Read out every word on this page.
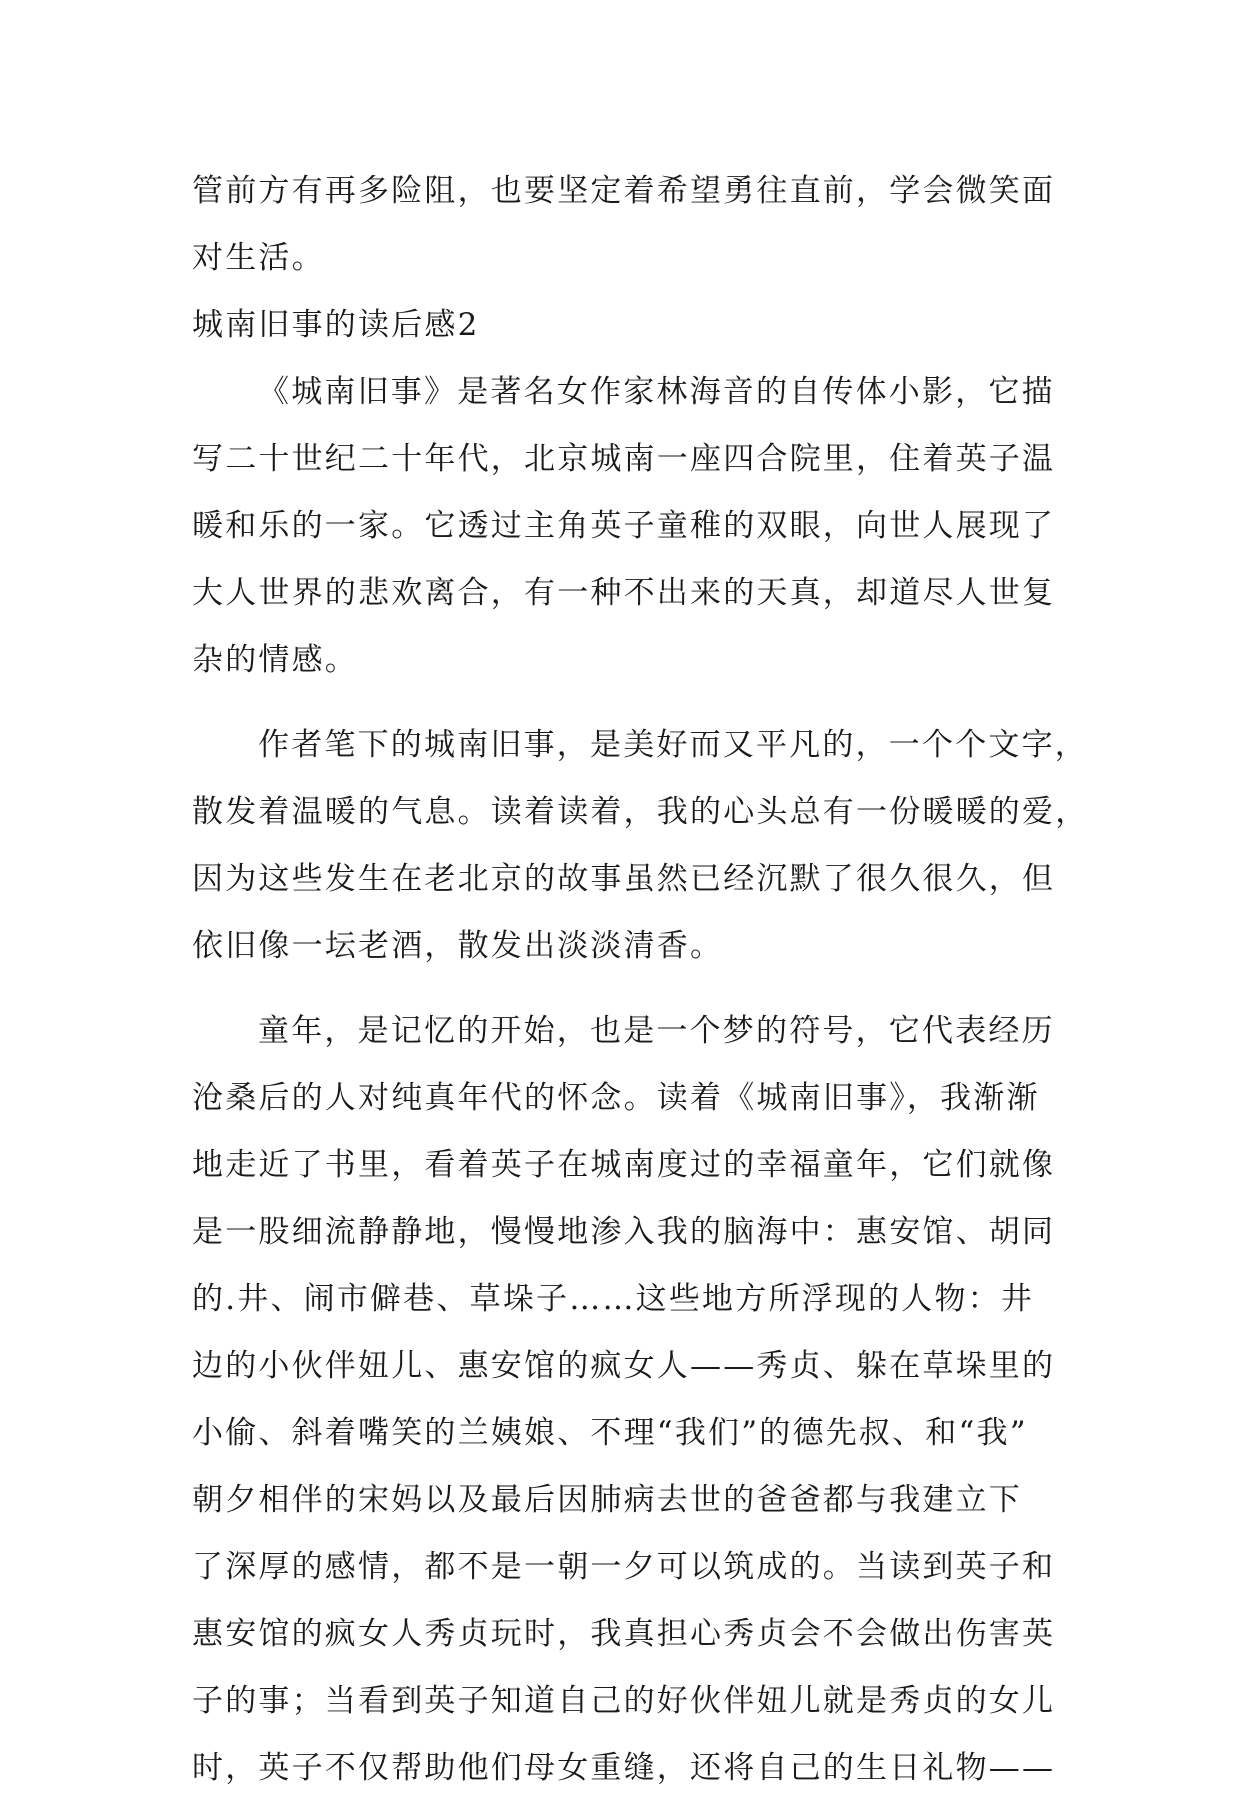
管前方有再多险阻，也要坚定着希望勇往直前，学会微笑面
对生活。
城南旧事的读后感2
《城南旧事》是著名女作家林海音的自传体小影，它描
写二十世纪二十年代，北京城南一座四合院里，住着英子温
暖和乐的一家。它透过主角英子童稚的双眼，向世人展现了
大人世界的悲欢离合，有一种不出来的天真，却道尽人世复
杂的情感。
作者笔下的城南旧事，是美好而又平凡的，一个个文字，
散发着温暖的气息。读着读着，我的心头总有一份暖暖的爱，
因为这些发生在老北京的故事虽然已经沉默了很久很久，但
依旧像一坛老酒，散发出淡淡清香。
童年，是记忆的开始，也是一个梦的符号，它代表经历
沧桑后的人对纯真年代的怀念。读着《城南旧事》，我渐渐
地走近了书里，看着英子在城南度过的幸福童年，它们就像
是一股细流静静地，慢慢地渗入我的脑海中：惠安馆、胡同
的.井、闹市僻巷、草垛子……这些地方所浮现的人物：井
边的小伙伴妞儿、惠安馆的疯女人——秀贞、躲在草垛里的
小偷、斜着嘴笑的兰姨娘、不理“我们”的德先叔、和“我”
朝夕相伴的宋妈以及最后因肺病去世的爸爸都与我建立下
了深厚的感情，都不是一朝一夕可以筑成的。当读到英子和
惠安馆的疯女人秀贞玩时，我真担心秀贞会不会做出伤害英
子的事；当看到英子知道自己的好伙伴妞儿就是秀贞的女儿
时，英子不仅帮助他们母女重缝，还将自己的生日礼物——
